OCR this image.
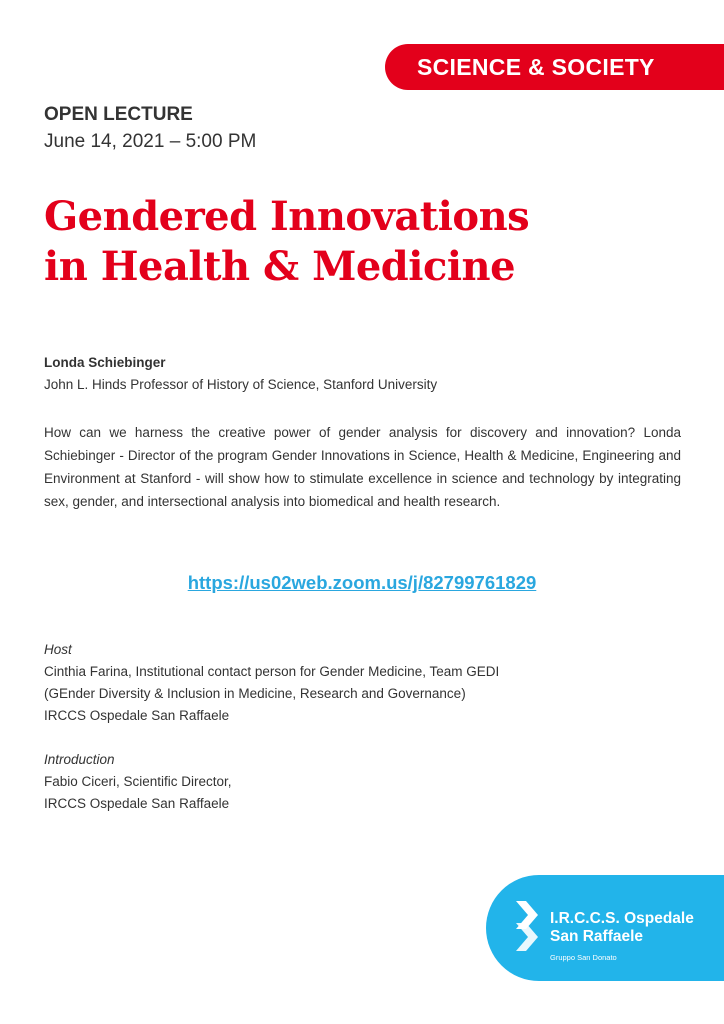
SCIENCE & SOCIETY
OPEN LECTURE
June 14, 2021 – 5:00 PM
Gendered Innovations
in Health & Medicine
Londa Schiebinger
John L. Hinds Professor of History of Science, Stanford University
How can we harness the creative power of gender analysis for discovery and innovation? Londa Schiebinger - Director of the program Gender Innovations in Science, Health & Medicine, Engineering and Environment at Stanford - will show how to stimulate excellence in science and technology by integrating sex, gender, and intersectional analysis into biomedical and health research.
https://us02web.zoom.us/j/82799761829
Host
Cinthia Farina, Institutional contact person for Gender Medicine, Team GEDI
(GEnder Diversity & Inclusion in Medicine, Research and Governance)
IRCCS Ospedale San Raffaele
Introduction
Fabio Ciceri, Scientific Director,
IRCCS Ospedale San Raffaele
I.R.C.C.S. Ospedale
San Raffaele
Gruppo San Donato
